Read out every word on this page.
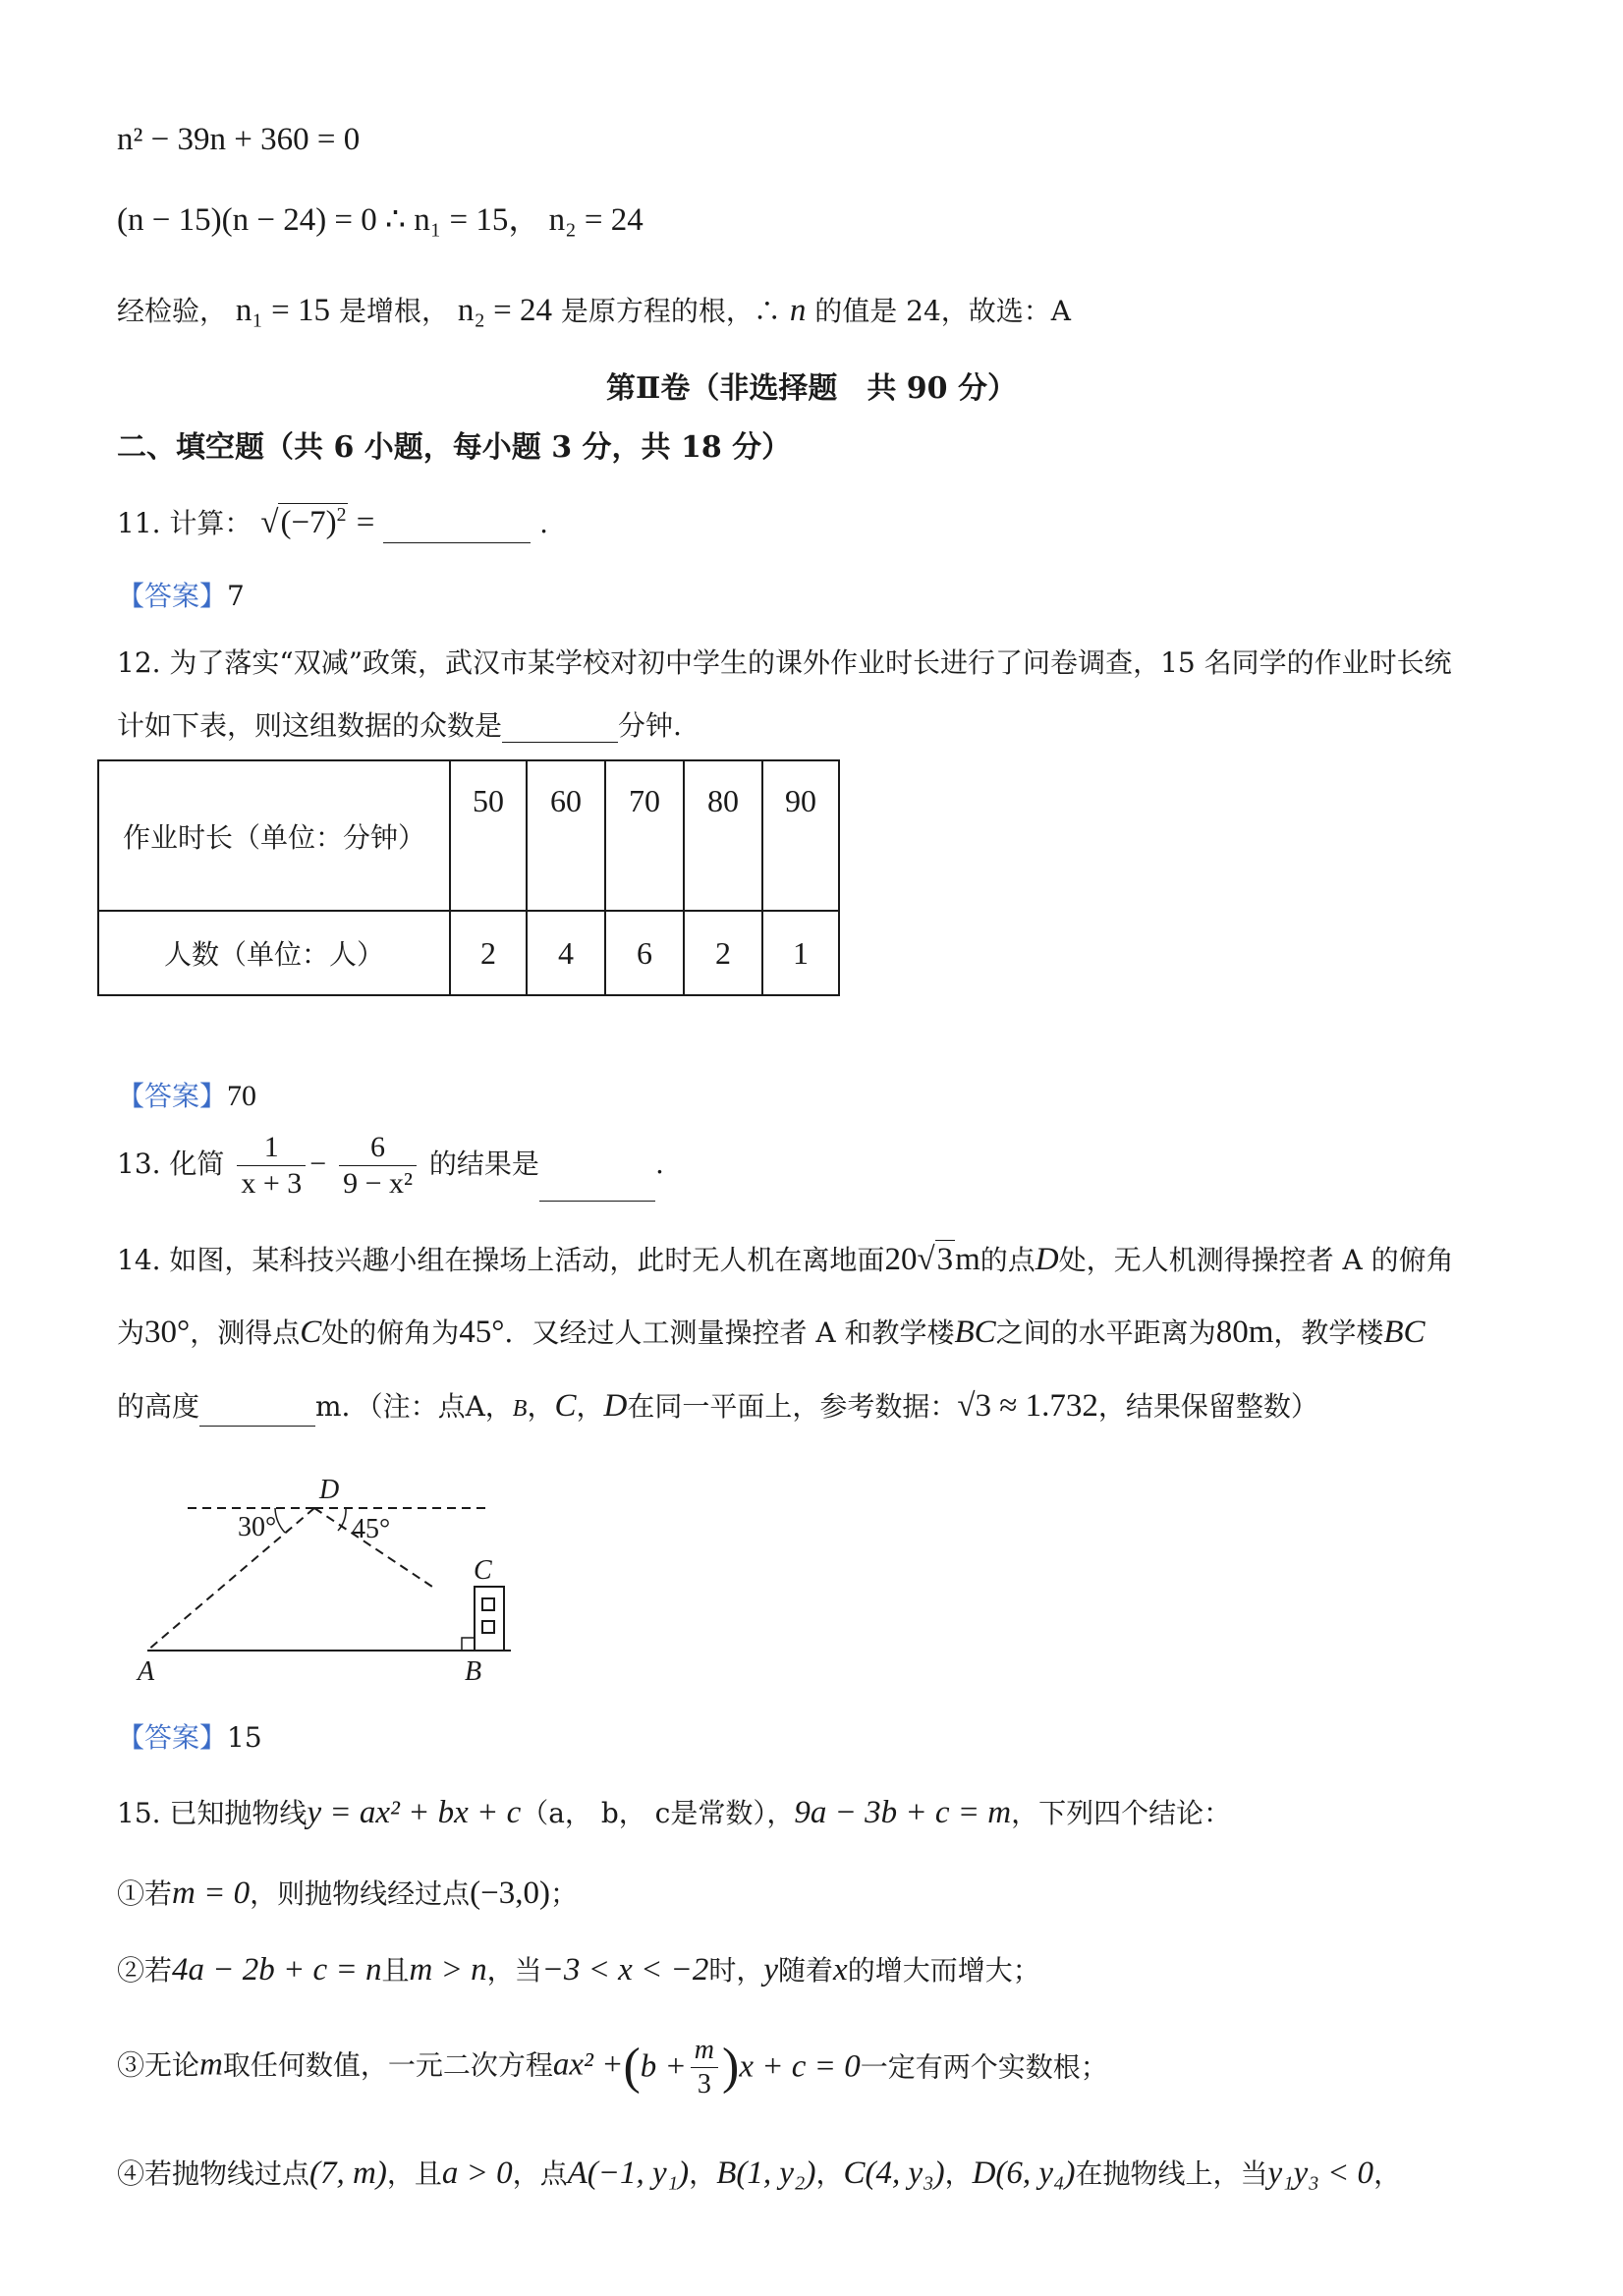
n² − 39n + 360 = 0
(n − 15)(n − 24) = 0 ∴ n₁ = 15， n₂ = 24
经检验， n₁ = 15 是增根， n₂ = 24 是原方程的根，∴ n 的值是 24，故选：A
第Ⅱ卷（非选择题　共 90 分）
二、填空题（共 6 小题，每小题 3 分，共 18 分）
11. 计算： $√(-7)^2$ =	.
【答案】7
12. 为了落实“双减”政策，武汉市某学校对初中学生的课外作业时长进行了问卷调查，15 名同学的作业时长统
计如下表，则这组数据的众数是	分钟.
作业时长（单位：分钟）	50	60	70	80	90
人数（单位：人）	2	4	6	2	1
【答案】70
13. 化简 $\frac{1}{x + 3} - \frac{6}{\text{9 − x²}}$ 的结果是	.
14. 如图，某科技兴趣小组在操场上活动，此时无人机在离地面20√3m的点D处，无人机测得操控者 A 的俯角
为30°，测得点C处的俯角为45°．又经过人工测量操控者 A 和教学楼BC之间的水平距离为80m，教学楼BC
的高度	m．（注：点A，B，C，D在同一平面上，参考数据：√3 ≈ 1.732，结果保留整数）
D
30°	45°
C
A	B
【答案】15
15. 已知抛物线y = ax² + bx + c（a， b， c是常数），9a − 3b + c = m，下列四个结论：
①若m = 0，则抛物线经过点(−3,0)；
②若4a − 2b + c = n且m > n，当−3 < x < −2时，y随着x的增大而增大；
③无论m取任何数值，一元二次方程$ax^2 +(b + \frac{m}{3} )x + c = 0$一定有两个实数根；
④若抛物线过点(7, m)，且a > 0，点A(−1, y₁)，B(1, y₂)，C(4, y₃)，D(6, y₄)在抛物线上，当y₁y₃ < 0，
